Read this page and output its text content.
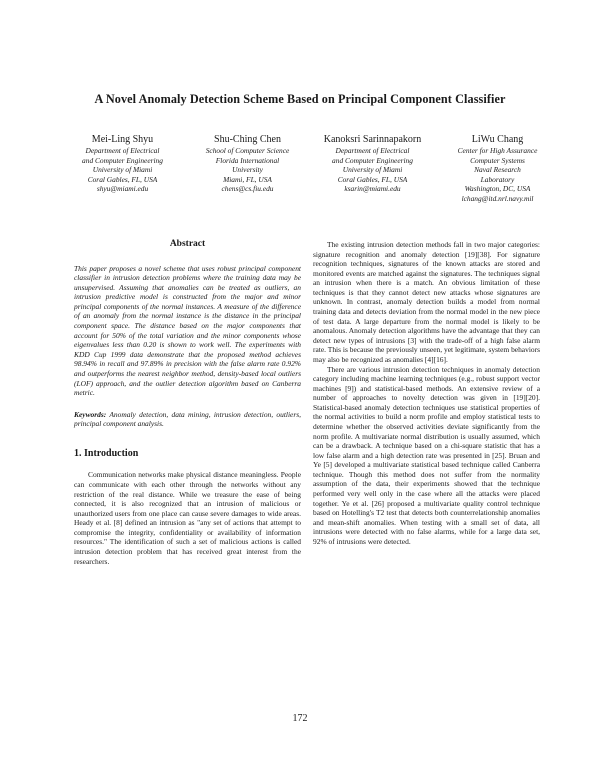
A Novel Anomaly Detection Scheme Based on Principal Component Classifier
Mei-Ling Shyu
Department of Electrical
and Computer Engineering
University of Miami
Coral Gables, FL, USA
shyu@miami.edu
Shu-Ching Chen
School of Computer Science
Florida International
University
Miami, FL, USA
chens@cs.fiu.edu
Kanoksri Sarinnapakorn
Department of Electrical
and Computer Engineering
University of Miami
Coral Gables, FL, USA
ksarin@miami.edu
LiWu Chang
Center for High Assurance
Computer Systems
Naval Research
Laboratory
Washington, DC, USA
lchang@itd.nrl.navy.mil
Abstract

This paper proposes a novel scheme that uses robust principal component classifier in intrusion detection problems where the training data may be unsupervised. Assuming that anomalies can be treated as outliers, an intrusion predictive model is constructed from the major and minor principal components of the normal instances. A measure of the difference of an anomaly from the normal instance is the distance in the principal component space. The distance based on the major components that account for 50% of the total variation and the minor components whose eigenvalues less than 0.20 is shown to work well. The experiments with KDD Cup 1999 data demonstrate that the proposed method achieves 98.94% in recall and 97.89% in precision with the false alarm rate 0.92% and outperforms the nearest neighbor method, density-based local outliers (LOF) approach, and the outlier detection algorithm based on Canberra metric.

Keywords: Anomaly detection, data mining, intrusion detection, outliers, principal component analysis.

1. Introduction

Communication networks make physical distance meaningless. People can communicate with each other through the networks without any restriction of the real distance. While we treasure the ease of being connected, it is also recognized that an intrusion of malicious or unauthorized users from one place can cause severe damages to wide areas. Heady et al. [8] defined an intrusion as "any set of actions that attempt to compromise the integrity, confidentiality or availability of information resources." The identification of such a set of malicious actions is called intrusion detection problem that has received great interest from the researchers.

The existing intrusion detection methods fall in two major categories: signature recognition and anomaly detection [19][38]. For signature recognition techniques, signatures of the known attacks are stored and monitored events are matched against the signatures. The techniques signal an intrusion when there is a match. An obvious limitation of these techniques is that they cannot detect new attacks whose signatures are unknown. In contrast, anomaly detection builds a model from normal training data and detects deviation from the normal model in the new piece of test data. A large departure from the normal model is likely to be anomalous. Anomaly detection algorithms have the advantage that they can detect new types of intrusions [3] with the trade-off of a high false alarm rate. This is because the previously unseen, yet legitimate, system behaviors may also be recognized as anomalies [4][16].

There are various intrusion detection techniques in anomaly detection category including machine learning techniques (e.g., robust support vector machines [9]) and statistical-based methods. An extensive review of a number of approaches to novelty detection was given in [19][20]. Statistical-based anomaly detection techniques use statistical properties of the normal activities to build a norm profile and employ statistical tests to determine whether the observed activities deviate significantly from the norm profile. A multivariate normal distribution is usually assumed, which can be a drawback. A technique based on a chi-square statistic that has a low false alarm and a high detection rate was presented in [25]. Bruan and Ye [5] developed a multivariate statistical based technique called Canberra technique. Though this method does not suffer from the normality assumption of the data, their experiments showed that the technique performed very well only in the case where all the attacks were placed together. Ye et al. [26] proposed a multivariate quality control technique based on Hotelling's T2 test that detects both counterrelationship anomalies and mean-shift anomalies. When testing with a small set of data, all intrusions were detected with no false alarms, while for a large data set, 92% of intrusions were detected.

172
